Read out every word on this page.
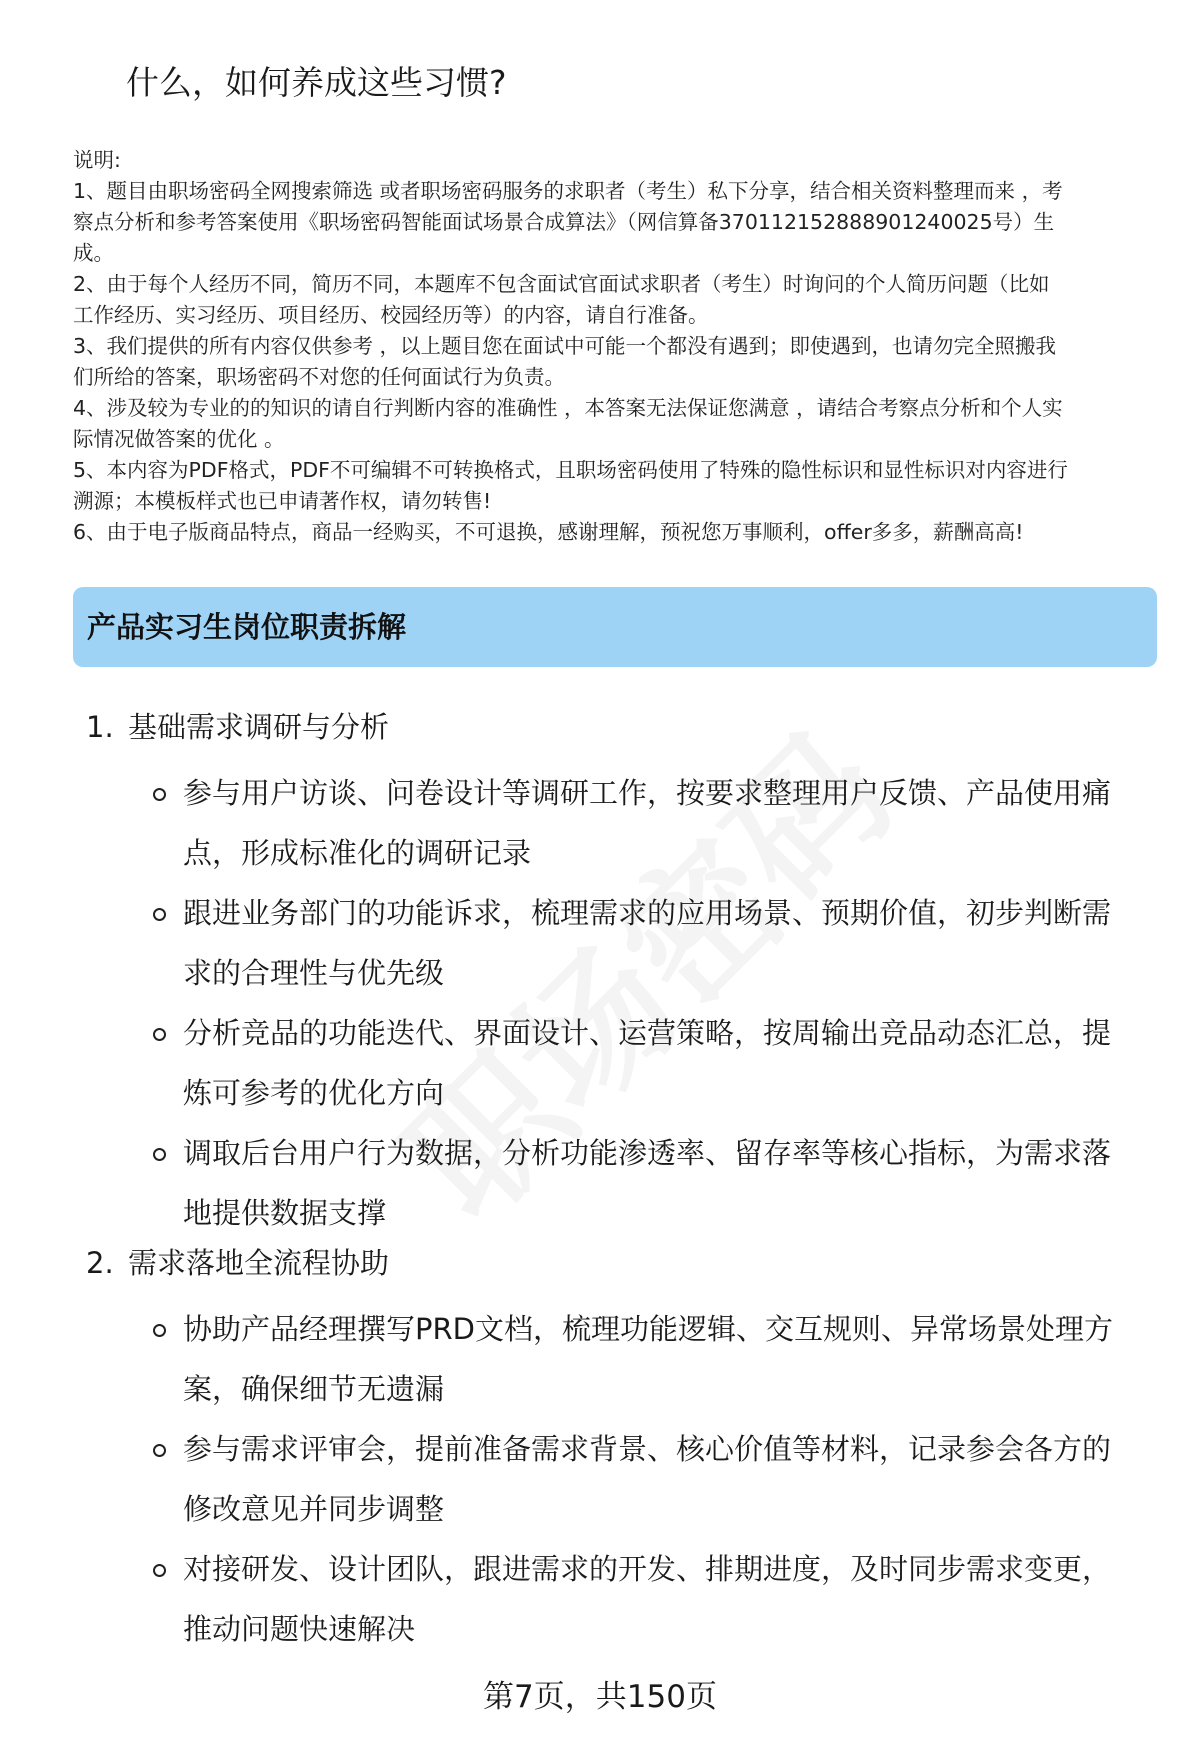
什么，如何养成这些习惯?
说明:
1、题目由职场密码全网搜索筛选 或者职场密码服务的求职者（考生）私下分享，结合相关资料整理而来 ，考
察点分析和参考答案使用《职场密码智能面试场景合成算法》（网信算备370112152888901240025号）生
成。
2、由于每个人经历不同，简历不同，本题库不包含面试官面试求职者（考生）时询问的个人简历问题（比如
工作经历、实习经历、项目经历、校园经历等）的内容，请自行准备。
3、我们提供的所有内容仅供参考 ，以上题目您在面试中可能一个都没有遇到；即使遇到，也请勿完全照搬我
们所给的答案，职场密码不对您的任何面试行为负责。
4、涉及较为专业的的知识的请自行判断内容的准确性 ，本答案无法保证您满意 ，请结合考察点分析和个人实
际情况做答案的优化 。
5、本内容为PDF格式，PDF不可编辑不可转换格式，且职场密码使用了特殊的隐性标识和显性标识对内容进行
溯源；本模板样式也已申请著作权，请勿转售!
6、由于电子版商品特点，商品一经购买，不可退换，感谢理解，预祝您万事顺利，offer多多，薪酬高高!
产品实习生岗位职责拆解
1. 基础需求调研与分析
参与用户访谈、问卷设计等调研工作，按要求整理用户反馈、产品使用痛
点，形成标准化的调研记录
跟进业务部门的功能诉求，梳理需求的应用场景、预期价值，初步判断需
求的合理性与优先级
分析竞品的功能迭代、界面设计、运营策略，按周输出竞品动态汇总，提
炼可参考的优化方向
调取后台用户行为数据，分析功能渗透率、留存率等核心指标，为需求落
地提供数据支撑
2. 需求落地全流程协助
协助产品经理撰写PRD文档，梳理功能逻辑、交互规则、异常场景处理方
案，确保细节无遗漏
参与需求评审会，提前准备需求背景、核心价值等材料，记录参会各方的
修改意见并同步调整
对接研发、设计团队，跟进需求的开发、排期进度，及时同步需求变更，
推动问题快速解决
第7页，共150页
